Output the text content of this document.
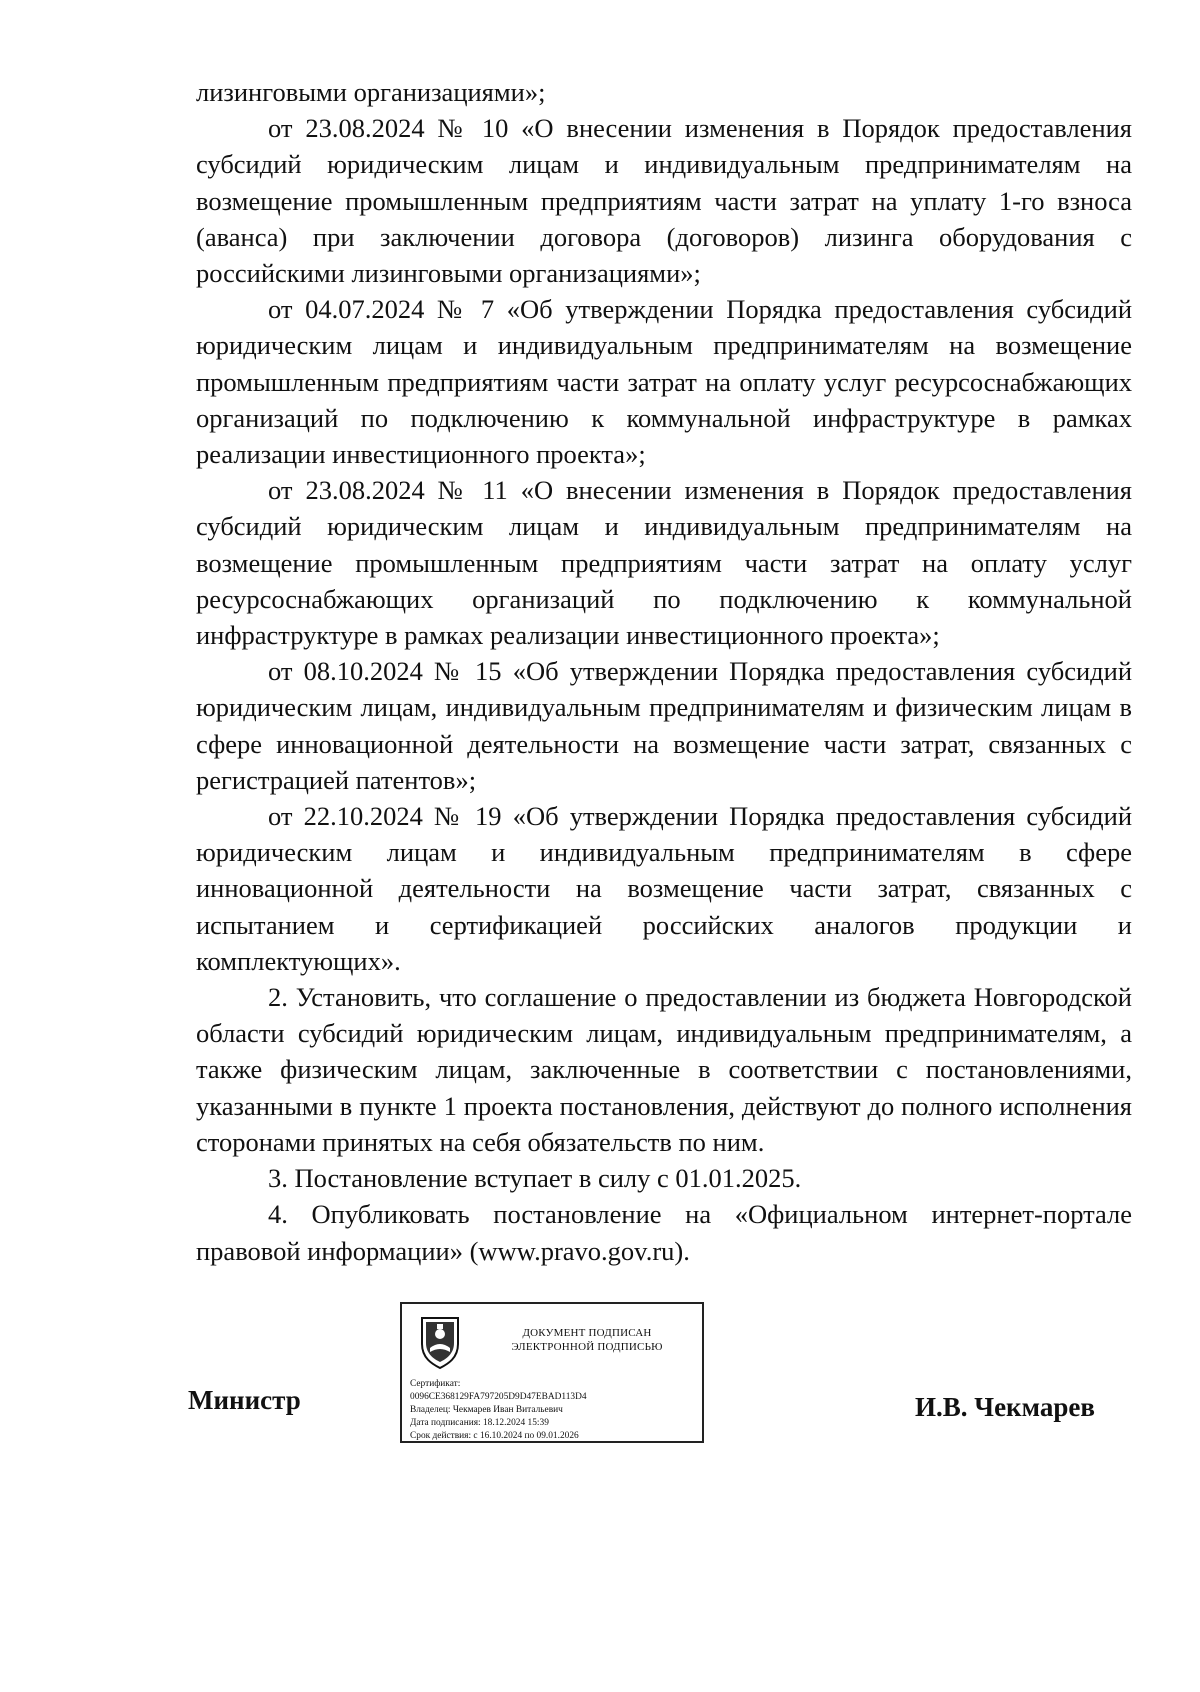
лизинговыми организациями»;

от 23.08.2024 № 10 «О внесении изменения в Порядок предоставления субсидий юридическим лицам и индивидуальным предпринимателям на возмещение промышленным предприятиям части затрат на уплату 1-го взноса (аванса) при заключении договора (договоров) лизинга оборудования с российскими лизинговыми организациями»;

от 04.07.2024 № 7 «Об утверждении Порядка предоставления субсидий юридическим лицам и индивидуальным предпринимателям на возмещение промышленным предприятиям части затрат на оплату услуг ресурсоснабжающих организаций по подключению к коммунальной инфраструктуре в рамках реализации инвестиционного проекта»;

от 23.08.2024 № 11 «О внесении изменения в Порядок предоставления субсидий юридическим лицам и индивидуальным предпринимателям на возмещение промышленным предприятиям части затрат на оплату услуг ресурсоснабжающих организаций по подключению к коммунальной инфраструктуре в рамках реализации инвестиционного проекта»;

от 08.10.2024 № 15 «Об утверждении Порядка предоставления субсидий юридическим лицам, индивидуальным предпринимателям и физическим лицам в сфере инновационной деятельности на возмещение части затрат, связанных с регистрацией патентов»;

от 22.10.2024 № 19 «Об утверждении Порядка предоставления субсидий юридическим лицам и индивидуальным предпринимателям в сфере инновационной деятельности на возмещение части затрат, связанных с испытанием и сертификацией российских аналогов продукции и комплектующих».

2. Установить, что соглашение о предоставлении из бюджета Новгородской области субсидий юридическим лицам, индивидуальным предпринимателям, а также физическим лицам, заключенные в соответствии с постановлениями, указанными в пункте 1 проекта постановления, действуют до полного исполнения сторонами принятых на себя обязательств по ним.

3. Постановление вступает в силу с 01.01.2025.

4. Опубликовать постановление на «Официальном интернет-портале правовой информации» (www.pravo.gov.ru).

Министр
ДОКУМЕНТ ПОДПИСАН
ЭЛЕКТРОННОЙ ПОДПИСЬЮ
Сертификат:
0096CE368129FA797205D9D47EBAD113D4
Владелец: Чекмарев Иван Витальевич
Дата подписания: 18.12.2024 15:39
Срок действия: с 16.10.2024 по 09.01.2026
И.В. Чекмарев
